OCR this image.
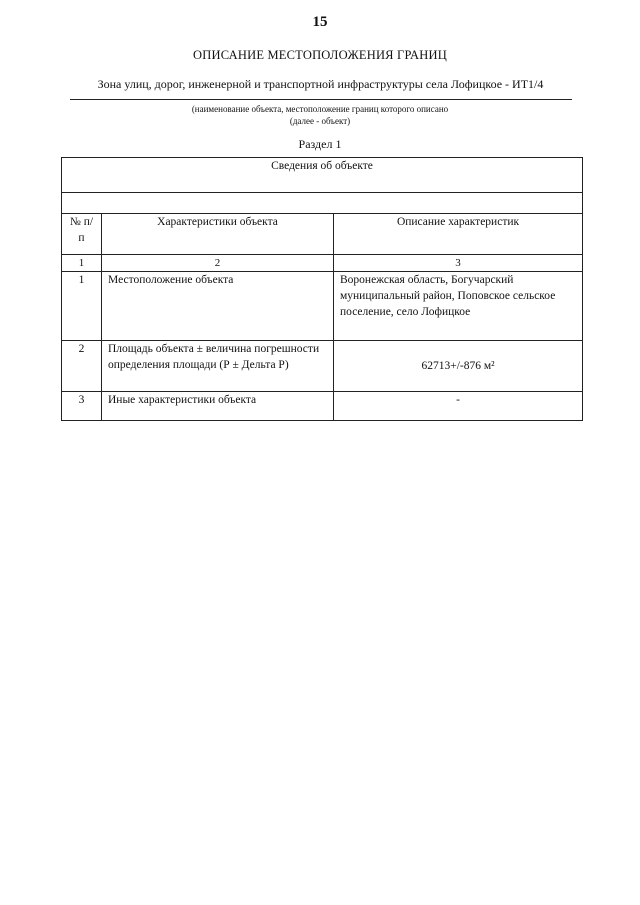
15
ОПИСАНИЕ МЕСТОПОЛОЖЕНИЯ ГРАНИЦ
Зона улиц, дорог, инженерной и транспортной инфраструктуры села Лофицкое - ИТ1/4
(наименование объекта, местоположение границ которого описано
(далее - объект)
Раздел 1
Сведения об объекте		

№ п/п	Характеристики объекта	Описание характеристик
1	2	3
1	Местоположение объекта	Воронежская область, Богучарский муниципальный район, Поповское сельское поселение, село Лофицкое
2	Площадь объекта ± величина погрешности определения площади (Р ± Дельта Р)	62713+/-876 м²
3	Иные характеристики объекта	-
